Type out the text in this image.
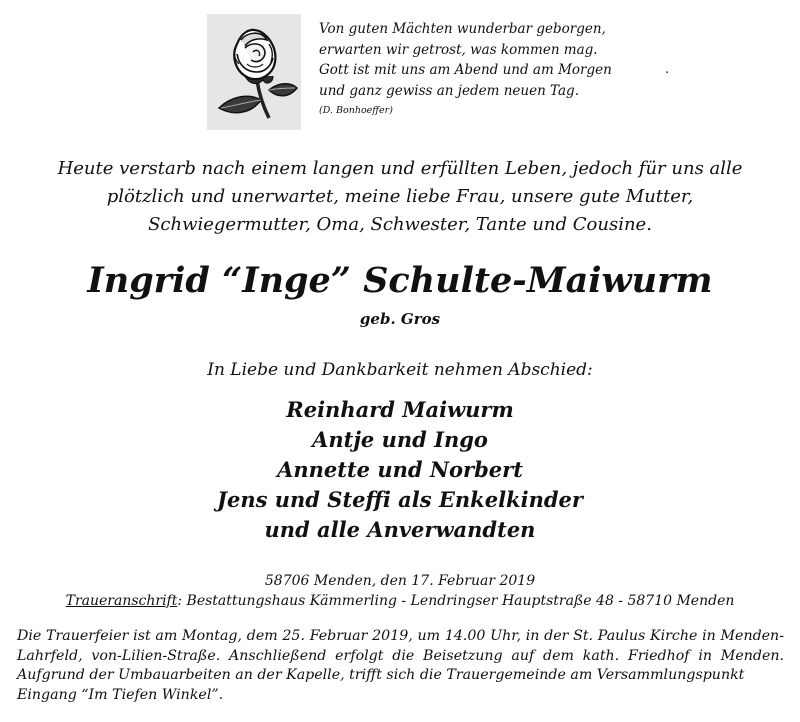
Von guten Mächten wunderbar geborgen,
erwarten wir getrost, was kommen mag.
Gott ist mit uns am Abend und am Morgen
und ganz gewiss an jedem neuen Tag.
(D. Bonhoeffer)
.
Heute verstarb nach einem langen und erfüllten Leben, jedoch für uns alle
plötzlich und unerwartet, meine liebe Frau, unsere gute Mutter,
Schwiegermutter, Oma, Schwester, Tante und Cousine.
Ingrid “Inge” Schulte-Maiwurm
geb. Gros
In Liebe und Dankbarkeit nehmen Abschied:
Reinhard Maiwurm
Antje und Ingo
Annette und Norbert
Jens und Steffi als Enkelkinder
und alle Anverwandten
58706 Menden, den 17. Februar 2019
Traueranschrift: Bestattungshaus Kämmerling - Lendringser Hauptstraße 48 - 58710 Menden
Die Trauerfeier ist am Montag, dem 25. Februar 2019, um 14.00 Uhr, in der St. Paulus Kirche in Menden- Lahrfeld, von-Lilien-Straße. Anschließend erfolgt die Beisetzung auf dem kath. Friedhof in Menden. Aufgrund der Umbauarbeiten an der Kapelle, trifft sich die Trauergemeinde am Versammlungspunkt
Eingang “Im Tiefen Winkel”.
